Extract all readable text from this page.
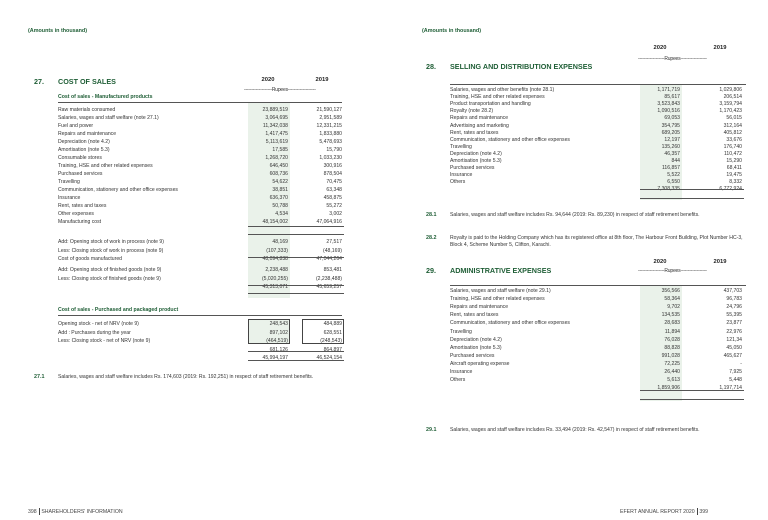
(Amounts in thousand)
27. COST OF SALES	2020	2019
-------------------Rupees-------------------
Cost of sales - Manufactured products
Raw materials consumed	23,889,519	21,590,127
Salaries, wages and staff welfare (note 27.1)	3,064,695	2,951,589
Fuel and power	11,342,038	12,331,215
Repairs and maintenance	1,417,475	1,833,880
Depreciation (note 4.2)	5,113,619	5,478,693
Amortisation (note 5.3)	17,585	15,790
Consumable stores	1,268,720	1,033,230
Training, HSE and other related expenses	646,450	300,916
Purchased services	608,736	878,504
Travelling	54,622	70,475
Communication, stationery and other office expenses	38,851	63,348
Insurance	636,370	458,875
Rent, rates and taxes	50,788	55,272
Other expenses	4,534	3,002
Manufacturing cost	48,154,002	47,064,916
Add: Opening stock of work in process (note 9)	48,169	27,517
Less: Closing stock of work in process (note 9)	(107,333)	(48,169)
Cost of goods manufactured	48,094,838	47,044,264
Add: Opening stock of finished goods (note 9)	2,238,488	853,481
Less: Closing stock of finished goods (note 9)	(5,020,255)	(2,238,488)
45,313,071	45,659,257
Cost of sales - Purchased and packaged product
Opening stock - net of NRV (note 9)	248,543	484,889
Add : Purchases during the year	897,102	628,551
Less: Closing stock - net of NRV (note 9)	(464,519)	(248,543)
681,126	864,897
45,994,197	46,524,154
27.1	Salaries, wages and staff welfare includes Rs. 174,603 (2019: Rs. 192,251) in respect of staff retirement benefits.
398 SHAREHOLDERS' INFORMATION
(Amounts in thousand)
2020	2019
------------------Rupees------------------
28. SELLING AND DISTRIBUTION EXPENSES
Salaries, wages and other benefits (note 28.1)	1,171,719	1,029,806
Training, HSE and other related expenses	85,617	206,514
Product transportation and handling	3,523,843	3,159,794
Royalty (note 28.2)	1,090,516	1,170,423
Repairs and maintenance	69,053	56,015
Advertising and marketing	354,795	312,164
Rent, rates and taxes	689,205	405,812
Communication, stationery and other office expenses	12,197	33,676
Travelling	135,260	176,740
Depreciation (note 4.2)	46,357	110,472
Amortisation (note 5.3)	844	15,290
Purchased services	116,857	68,411
Insurance	5,522	19,475
Others	6,550	8,332
7,308,335	6,772,924
28.1	Salaries, wages and staff welfare includes Rs. 94,644 (2019: Rs. 89,230) in respect of staff retirement benefits.
28.2	Royalty is paid to the Holding Company which has its registered office at 8th floor, The Harbour Front Building, Plot Number HC-3, Block 4, Scheme Number 5, Clifton, Karachi.
2020	2019
------------------Rupees------------------
29. ADMINISTRATIVE EXPENSES
Salaries, wages and staff welfare (note 29.1)	356,566	437,703
Training, HSE and other related expenses	58,364	96,783
Repairs and maintenance	9,702	24,796
Rent, rates and taxes	134,535	55,395
Communication, stationery and other office expenses	28,683	23,877
Travelling	11,894	22,976
Depreciation (note 4.2)	76,028	121,34
Amortisation (note 5.3)	88,828	45,050
Purchased services	991,028	465,627
Aircraft operating expense	72,225	-
Insurance	26,440	7,925
Others	5,613	5,448
1,859,906	1,197,714
29.1	Salaries, wages and staff welfare includes Rs. 33,494 (2019: Rs. 42,547) in respect of staff retirement benefits.
EFERT ANNUAL REPORT 2020 399
